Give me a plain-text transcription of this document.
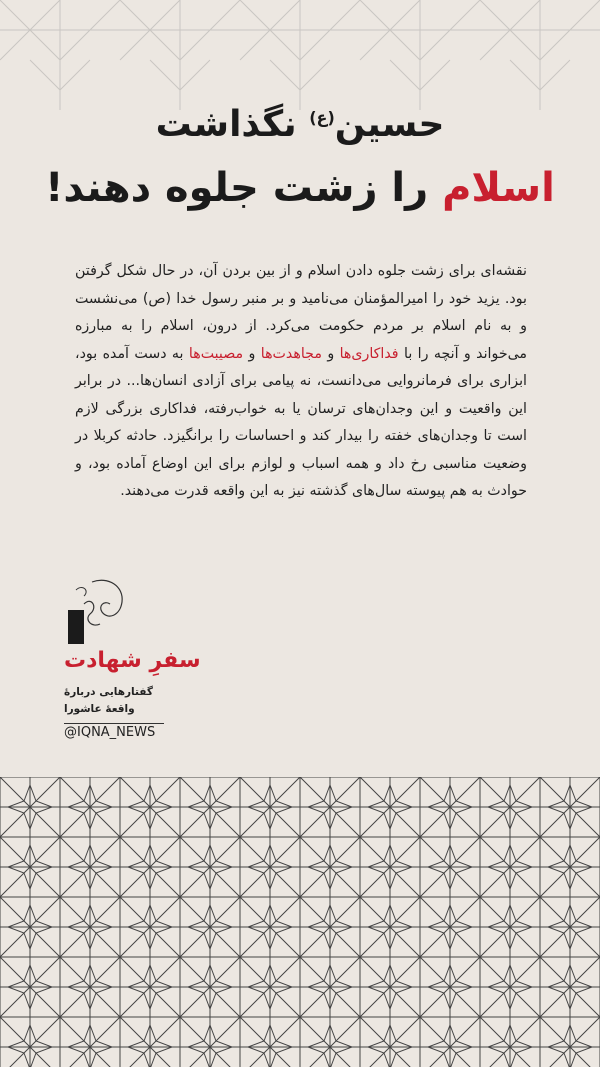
حسین$^{(ع)}$ نگذاشت
اسلام را زشت جلوه دهند!
نقشه‌ای برای زشت جلوه دادن اسلام و از بین بردن آن، در حال شکل گرفتن بود. یزید خود را امیرالمؤمنان می‌نامید و بر منبر رسول خدا (ص) می‌نشست و به نام اسلام بر مردم حکومت می‌کرد. از درون، اسلام را به مبارزه می‌خواند و آنچه را با فداکاری‌ها و مجاهدت‌ها و مصیبت‌ها به دست آمده بود، ابزاری برای فرمانروایی می‌دانست، نه پیامی برای آزادی انسان‌ها... در برابر این واقعیت و این وجدان‌های ترسان یا به خواب‌رفته، فداکاری بزرگی لازم است تا وجدان‌های خفته را بیدار کند و احساسات را برانگیزد. حادثه کربلا در وضعیت مناسبی رخ داد و همه اسباب و لوازم برای این اوضاع آماده بود، و حوادث به هم پیوسته سال‌های گذشته نیز به این واقعه قدرت می‌دهند.
سفرِ شهادت
گفتارهایی دربارهٔ واقعهٔ عاشورا
@IQNA_NEWS
